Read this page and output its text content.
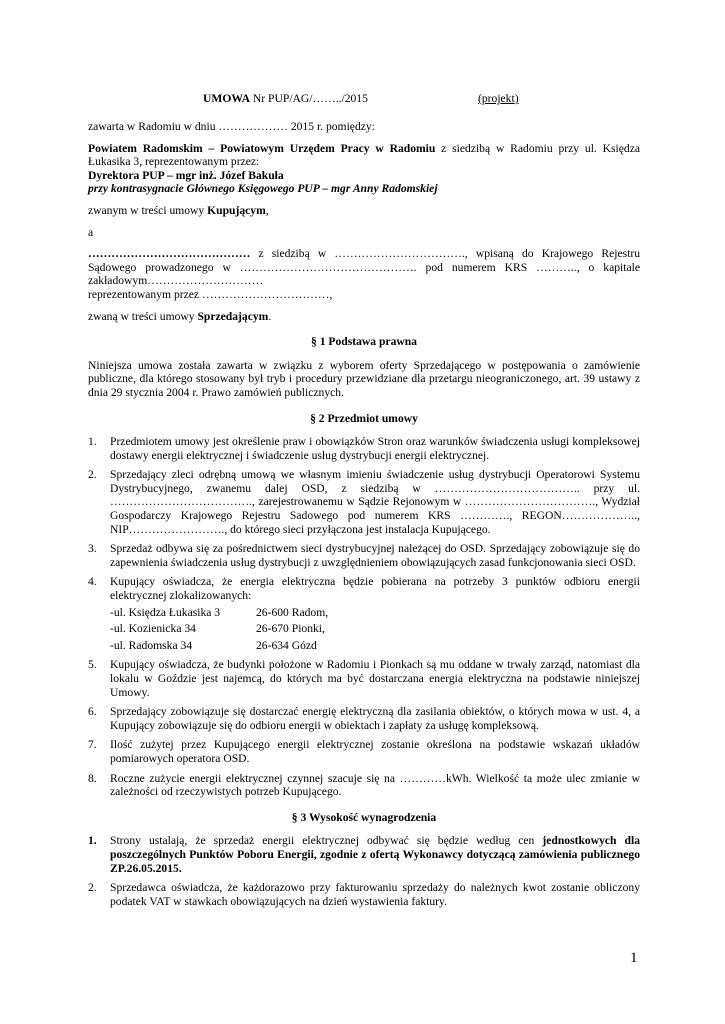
UMOWA Nr PUP/AG/……../2015	(projekt)

zawarta w Radomiu w dniu ……………… 2015 r. pomiędzy:

Powiatem Radomskim – Powiatowym Urzędem Pracy w Radomiu z siedzibą w Radomiu przy ul. Księdza Łukasika 3, reprezentowanym przez:

Dyrektora PUP – mgr inż. Józef Bakuła

przy kontrasygnacie Głównego Księgowego PUP – mgr Anny Radomskiej

zwanym w treści umowy Kupującym,

a

…………………………………… z siedzibą w ……………………………., wpisaną do Krajowego Rejestru Sądowego prowadzonego w ………………………………………. pod numerem KRS ……….., o kapitale zakładowym…………………………

reprezentowanym przez ……………………………,

zwaną w treści umowy Sprzedającym.

§ 1 Podstawa prawna

Niniejsza umowa została zawarta w związku z wyborem oferty Sprzedającego w postępowania o zamówienie publiczne, dla którego stosowany był tryb i procedury przewidziane dla przetargu nieograniczonego, art. 39 ustawy z dnia 29 stycznia 2004 r. Prawo zamówień publicznych.

§ 2 Przedmiot umowy

1. Przedmiotem umowy jest określenie praw i obowiązków Stron oraz warunków świadczenia usługi kompleksowej dostawy energii elektrycznej i świadczenie usług dystrybucji energii elektrycznej.
2. Sprzedający zleci odrębną umową we własnym imieniu świadczenie usług dystrybucji Operatorowi Systemu Dystrybucyjnego, zwanemu dalej OSD, z siedzibą w ……………………………….. przy ul. ………………………………., zarejestrowanemu w Sądzie Rejonowym w ……………………………., Wydział Gospodarczy Krajowego Rejestru Sadowego pod numerem KRS …………., REGON……………….., NIP……………………., do którego sieci przyłączona jest instalacja Kupującego.
3. Sprzedaż odbywa się za pośrednictwem sieci dystrybucyjnej należącej do OSD. Sprzedający zobowiązuje się do zapewnienia świadczenia usług dystrybucji z uwzględnieniem obowiązujących zasad funkcjonowania sieci OSD.
4. Kupujący oświadcza, że energia elektryczna będzie pobierana na potrzeby 3 punktów odbioru energii elektrycznej zlokalizowanych:
-ul. Księdza Łukasika 3	26-600 Radom,
-ul. Kozienicka 34	26-670 Pionki,
-ul. Radomska 34	26-634 Gózd
5. Kupujący oświadcza, że budynki położone w Radomiu i Pionkach są mu oddane w trwały zarząd, natomiast dla lokalu w Goździe jest najemcą, do których ma być dostarczana energia elektryczna na podstawie niniejszej Umowy.
6. Sprzedający zobowiązuje się dostarczać energię elektryczną dla zasilania obiektów, o których mowa w ust. 4, a Kupujący zobowiązuje się do odbioru energii w obiektach i zapłaty za usługę kompleksową.
7. Ilość zużytej przez Kupującego energii elektrycznej zostanie określona na podstawie wskazań układów pomiarowych operatora OSD.
8. Roczne zużycie energii elektrycznej czynnej szacuje się na …………kWh. Wielkość ta może ulec zmianie w zależności od rzeczywistych potrzeb Kupującego.

§ 3 Wysokość wynagrodzenia

1. Strony ustalają, że sprzedaż energii elektrycznej odbywać się będzie według cen jednostkowych dla poszczególnych Punktów Poboru Energii, zgodnie z ofertą Wykonawcy dotyczącą zamówienia publicznego ZP.26.05.2015.
2. Sprzedawca oświadcza, że każdorazowo przy fakturowaniu sprzedaży do należnych kwot zostanie obliczony podatek VAT w stawkach obowiązujących na dzień wystawienia faktury.
1
